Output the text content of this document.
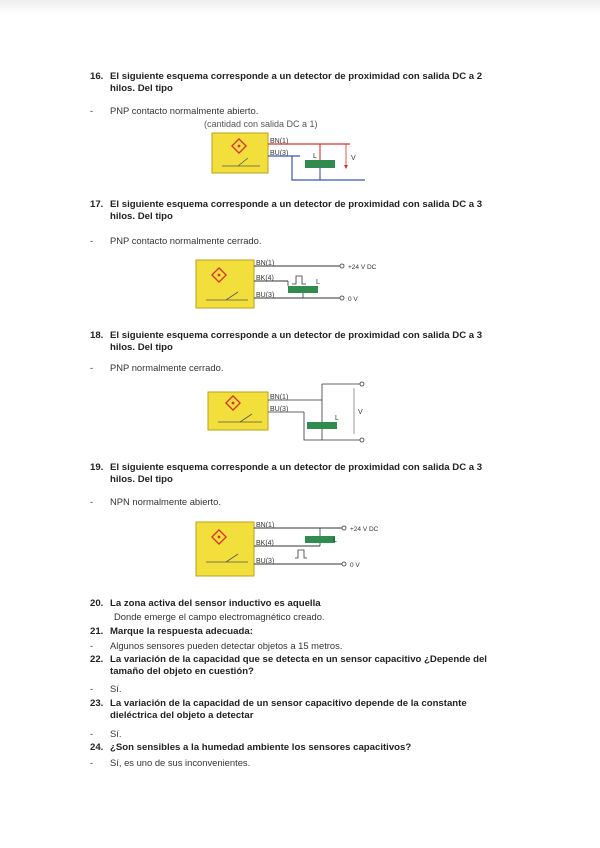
16. El siguiente esquema corresponde a un detector de proximidad con salida DC a 2
hilos. Del tipo
- PNP contacto normalmente abierto.
(cantidad con salida DC a 1)
BN(1)
BU(3)	L	V
17. El siguiente esquema corresponde a un detector de proximidad con salida DC a 3
hilos. Del tipo
- PNP contacto normalmente cerrado.
BN(1)
BK(4)
BU(3)
L
+24 V DC
0 V
18. El siguiente esquema corresponde a un detector de proximidad con salida DC a 3
hilos. Del tipo
- PNP normalmente cerrado.
BN(1)
BU(3)
L
V
19. El siguiente esquema corresponde a un detector de proximidad con salida DC a 3
hilos. Del tipo
- NPN normalmente abierto.
BN(1)
BK(4)
BU(3)
L
+24 V DC
0 V
20. La zona activa del sensor inductivo es aquella
Donde emerge el campo electromagnético creado.
21. Marque la respuesta adecuada:
- Algunos sensores pueden detectar objetos a 15 metros.
22. La variación de la capacidad que se detecta en un sensor capacitivo ¿Depende del
tamaño del objeto en cuestión?
- Sí.
23. La variación de la capacidad de un sensor capacitivo depende de la constante
dieléctrica del objeto a detectar
- Sí.
24. ¿Son sensibles a la humedad ambiente los sensores capacitivos?
- Sí, es uno de sus inconvenientes.
